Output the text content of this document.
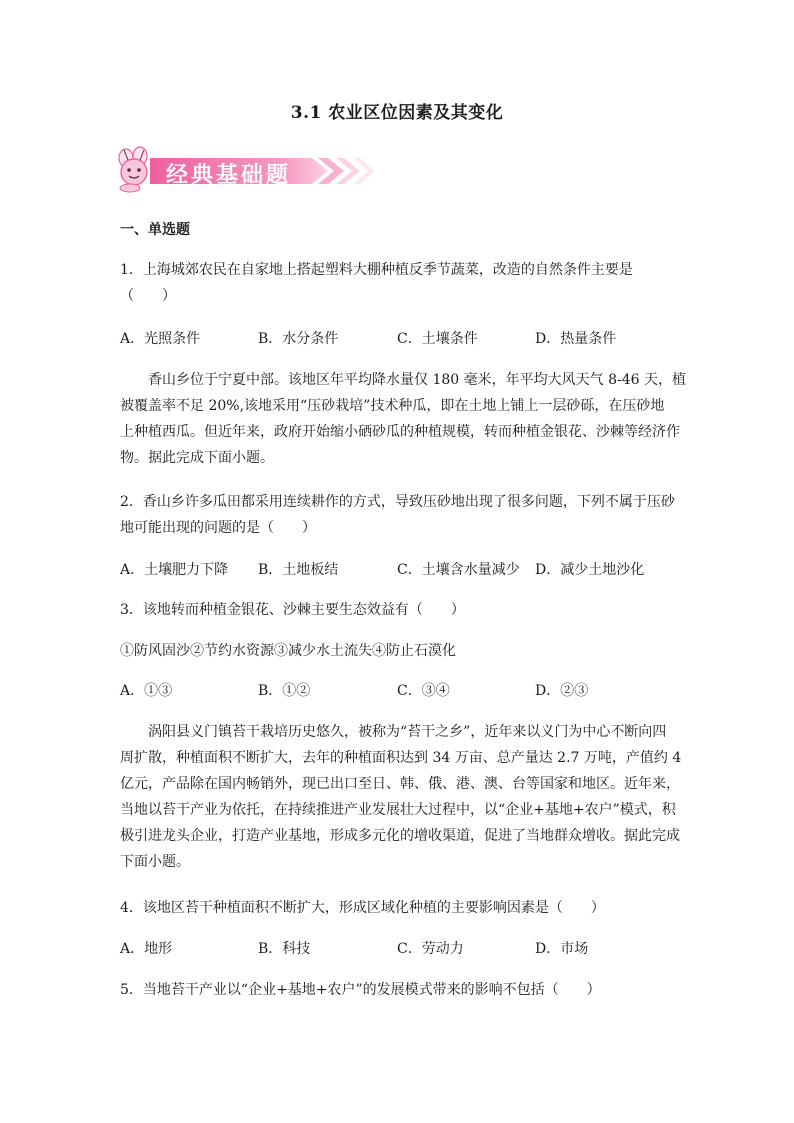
3.1 农业区位因素及其变化
经典基础题
一、单选题
1．上海城郊农民在自家地上搭起塑料大棚种植反季节蔬菜，改造的自然条件主要是
（　　）
A．光照条件	B．水分条件	C．土壤条件	D．热量条件
香山乡位于宁夏中部。该地区年平均降水量仅 180 毫米，年平均大风天气 8-46 天，植
被覆盖率不足 20%,该地采用“压砂栽培”技术种瓜，即在土地上铺上一层砂砾，在压砂地
上种植西瓜。但近年来，政府开始缩小硒砂瓜的种植规模，转而种植金银花、沙棘等经济作
物。据此完成下面小题。
2．香山乡许多瓜田都采用连续耕作的方式，导致压砂地出现了很多问题，下列不属于压砂
地可能出现的问题的是（　　）
A．土壤肥力下降 B．土地板结	C．土壤含水量减少 D．减少土地沙化
3．该地转而种植金银花、沙棘主要生态效益有（　　）
①防风固沙②节约水资源③减少水土流失④防止石漠化
A．①③	B．①②	C．③④	D．②③
涡阳县义门镇苔干栽培历史悠久，被称为“苔干之乡”，近年来以义门为中心不断向四
周扩散，种植面积不断扩大，去年的种植面积达到 34 万亩、总产量达 2.7 万吨，产值约 4
亿元，产品除在国内畅销外，现已出口至日、韩、俄、港、澳、台等国家和地区。近年来，
当地以苔干产业为依托，在持续推进产业发展壮大过程中，以“企业+基地+农户”模式，积
极引进龙头企业，打造产业基地，形成多元化的增收渠道，促进了当地群众增收。据此完成
下面小题。
4．该地区苔干种植面积不断扩大，形成区域化种植的主要影响因素是（　　）
A．地形	B．科技	C．劳动力	D．市场
5．当地苔干产业以“企业+基地+农户”的发展模式带来的影响不包括（　　）
